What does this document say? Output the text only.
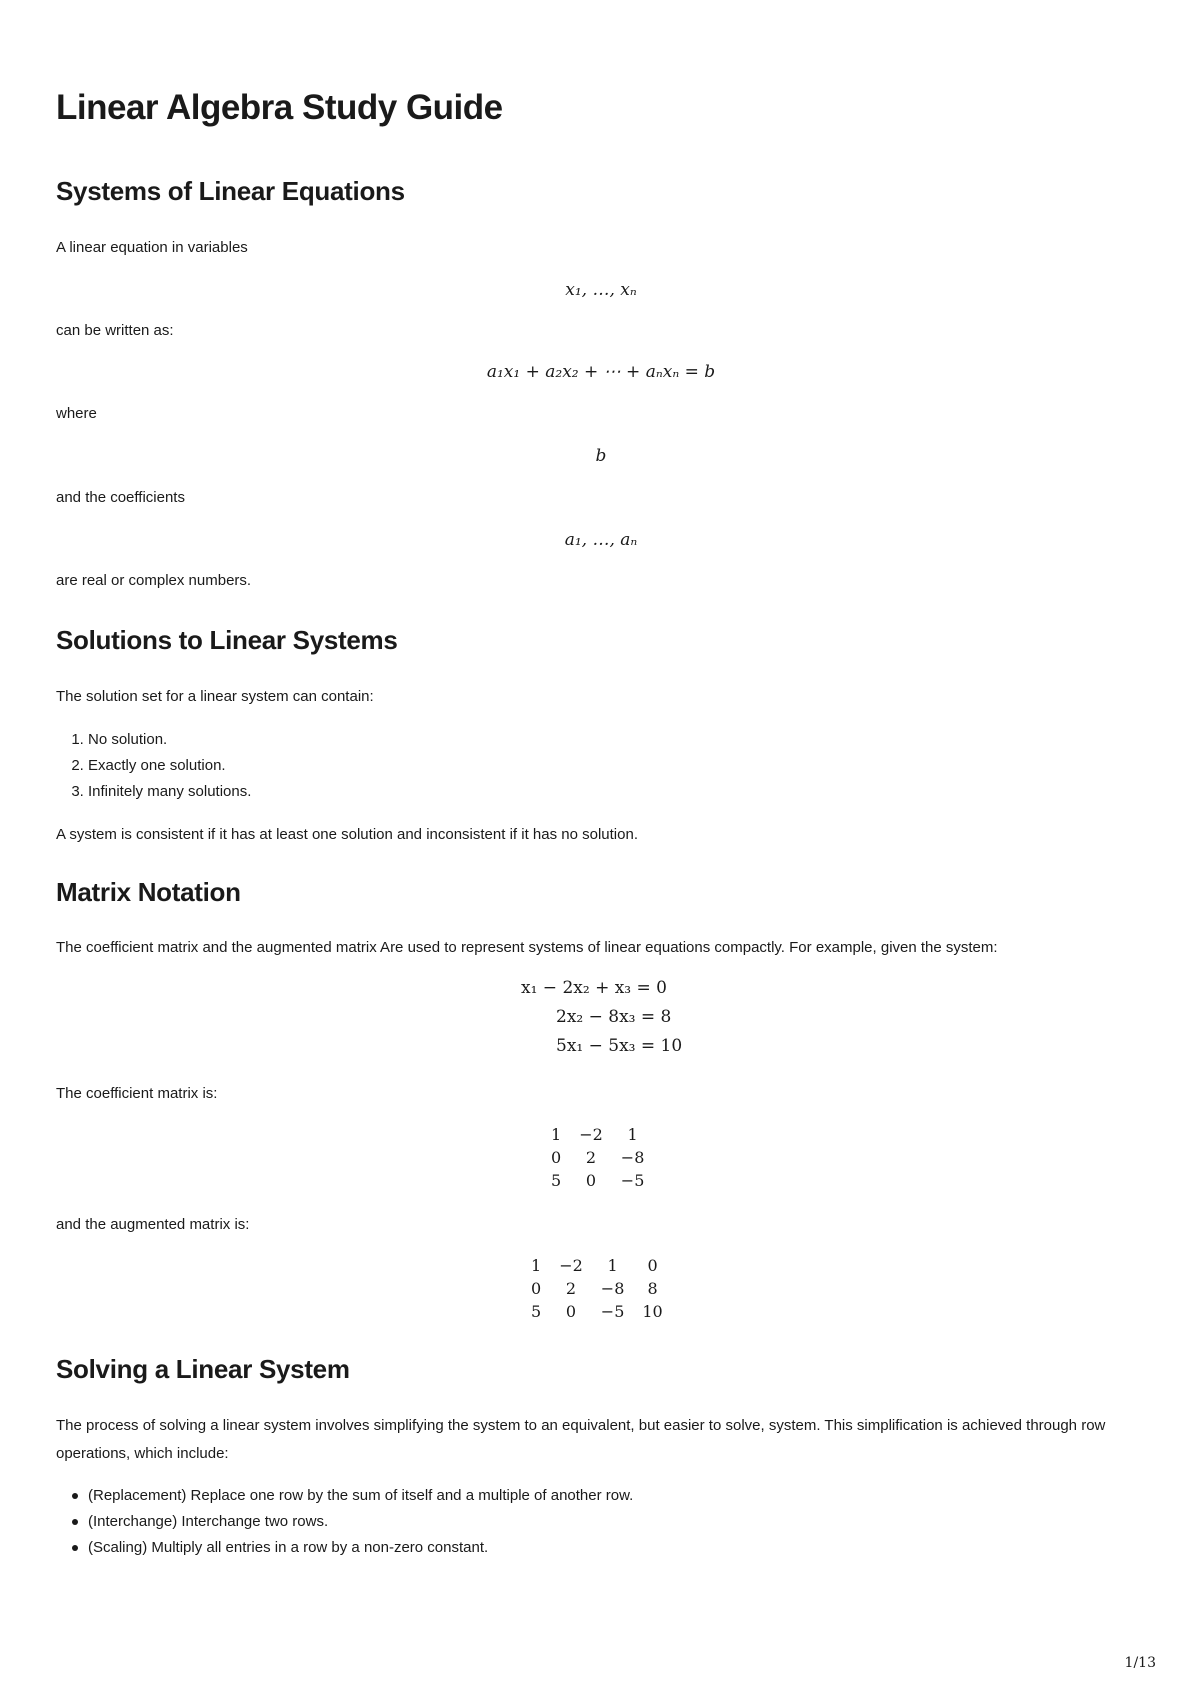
Linear Algebra Study Guide
Systems of Linear Equations

A linear equation in variables

x₁, …, xₙ

can be written as:

a₁x₁ + a₂x₂ + ⋯ + aₙxₙ = b

where

b

and the coefficients

a₁, …, aₙ

are real or complex numbers.

Solutions to Linear Systems

The solution set for a linear system can contain:

1. No solution.
2. Exactly one solution.
3. Infinitely many solutions.

A system is consistent if it has at least one solution and inconsistent if it has no solution.

Matrix Notation

The coefficient matrix and the augmented matrix Are used to represent systems of linear equations compactly. For example, given the system:

x₁ − 2x₂ + x₃ = 0
2x₂ − 8x₃ = 8
5x₁ − 5x₃ = 10

The coefficient matrix is:

1	−2	1
0	2	−8
5	0	−5

and the augmented matrix is:

1	−2	1	0
0	2	−8	8
5	0	−5	10
Solving a Linear System

The process of solving a linear system involves simplifying the system to an equivalent, but easier to solve, system. This simplification is achieved through row operations, which include:

(Replacement) Replace one row by the sum of itself and a multiple of another row.
(Interchange) Interchange two rows.
(Scaling) Multiply all entries in a row by a non-zero constant.
1/13
